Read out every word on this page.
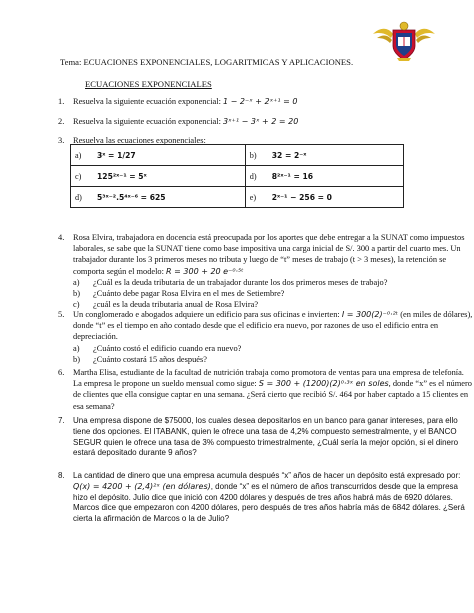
Tema: ECUACIONES EXPONENCIALES, LOGARITMICAS Y APLICACIONES.
ECUACIONES EXPONENCIALES
1.	Resuelva la siguiente ecuación exponencial: 1 − 2⁻ˣ + 2ˣ⁺¹ = 0
2.	Resuelva la siguiente ecuación exponencial: 3ˣ⁺¹ − 3ˣ + 2 = 20
3.	Resuelva las ecuaciones exponenciales:
a)	3ˣ = 1/27	b)	32 = 2⁻ˣ
c)	125²ˣ⁻¹ = 5ˣ	d)	8²ˣ⁻¹ = 16
d)	5³ˣ⁻².5⁴ˣ⁻⁶ = 625	e)	2ˣ⁻¹ − 256 = 0
4.	Rosa Elvira, trabajadora en docencia está preocupada por los aportes que debe entregar a la SUNAT como impuestos laborales, se sabe que la SUNAT tiene como base impositiva una carga inicial de S/. 300 a partir del cuarto mes. Un trabajador durante los 3 primeros meses no tributa y luego de “t” meses de trabajo (t > 3 meses), la retención se comporta según el modelo: R = 300 + 20 e⁻⁰·⁵ᵗ
a) ¿Cuál es la deuda tributaria de un trabajador durante los dos primeros meses de trabajo?
b) ¿Cuánto debe pagar Rosa Elvira en el mes de Setiembre?
c) ¿cuál es la deuda tributaria anual de Rosa Elvira?
5.	Un conglomerado e abogados adquiere un edificio para sus oficinas e invierten: I = 300(2)⁻⁰·²ᵗ (en miles de dólares), donde “t” es el tiempo en año contado desde que el edificio era nuevo, por razones de uso el edificio entra en depreciación.
a) ¿Cuánto costó el edificio cuando era nuevo?
b) ¿Cuánto costará 15 años después?
6.	Martha Elisa, estudiante de la facultad de nutrición trabaja como promotora de ventas para una empresa de telefonía. La empresa le propone un sueldo mensual como sigue: S = 300 + (1200)(2)⁰·³ˣ en soles, donde “x” es el número de clientes que ella consigue captar en una semana. ¿Será cierto que recibió S/. 464 por haber captado a 15 clientes en esa semana?
7.	Una empresa dispone de $75000, los cuales desea depositarlos en un banco para ganar intereses, para ello tiene dos opciones. El ITABANK, quien le ofrece una tasa de 4,2% compuesto semestralmente, y el BANCO SEGUR quien le ofrece una tasa de 3% compuesto trimestralmente, ¿Cuál sería la mejor opción, si el dinero estará depositado durante 9 años?
8.	La cantidad de dinero que una empresa acumula después “x” años de hacer un depósito está expresado por: Q(x) = 4200 + (2,4)²ˣ (en dólares), donde “x” es el número de años transcurridos desde que la empresa hizo el depósito. Julio dice que inició con 4200 dólares y después de tres años habrá más de 6920 dólares. Marcos dice que empezaron con 4200 dólares, pero después de tres años habría más de 6842 dólares. ¿Será cierta la afirmación de Marcos o la de Julio?
